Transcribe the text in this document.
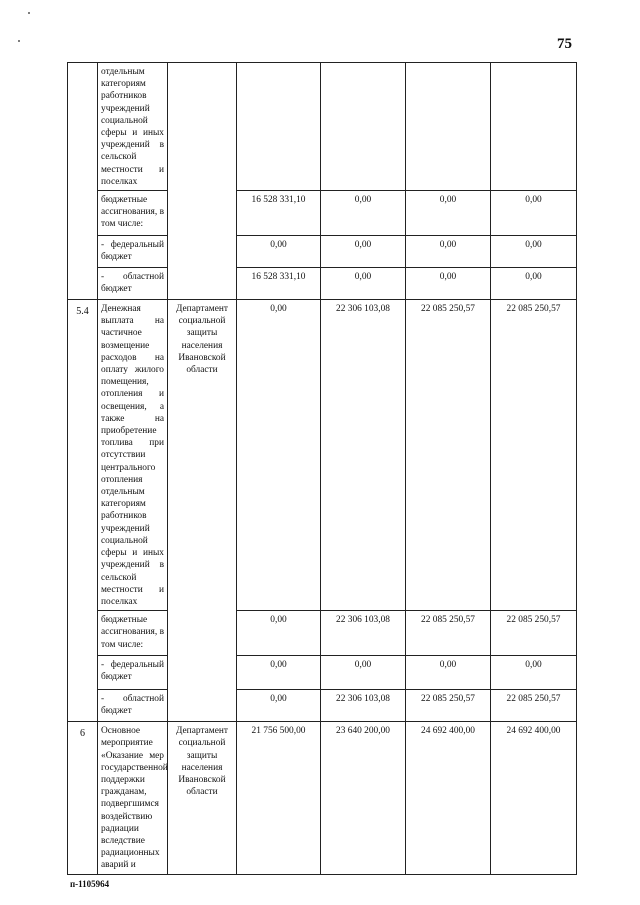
75
	отдельным категориям работников учреждений социальной сферы и иных учреждений в сельской местности и поселках					
	бюджетные ассигнования, в том числе:		16 528 331,10	0,00	0,00	0,00
	- федеральный бюджет		0,00	0,00	0,00	0,00
	- областной бюджет		16 528 331,10	0,00	0,00	0,00
5.4	Денежная выплата на частичное возмещение расходов на оплату жилого помещения, отопления и освещения, а также на приобретение топлива при отсутствии центрального отопления отдельным категориям работников учреждений социальной сферы и иных учреждений в сельской местности и поселках	Департамент социальной защиты населения Ивановской области	0,00	22 306 103,08	22 085 250,57	22 085 250,57
	бюджетные ассигнования, в том числе:		0,00	22 306 103,08	22 085 250,57	22 085 250,57
	- федеральный бюджет		0,00	0,00	0,00	0,00
	- областной бюджет		0,00	22 306 103,08	22 085 250,57	22 085 250,57
6	Основное мероприятие «Оказание мер государственной поддержки гражданам, подвергшимся воздействию радиации вследствие радиационных аварий и	Департамент социальной защиты населения Ивановской области	21 756 500,00	23 640 200,00	24 692 400,00	24 692 400,00
п-1105964
